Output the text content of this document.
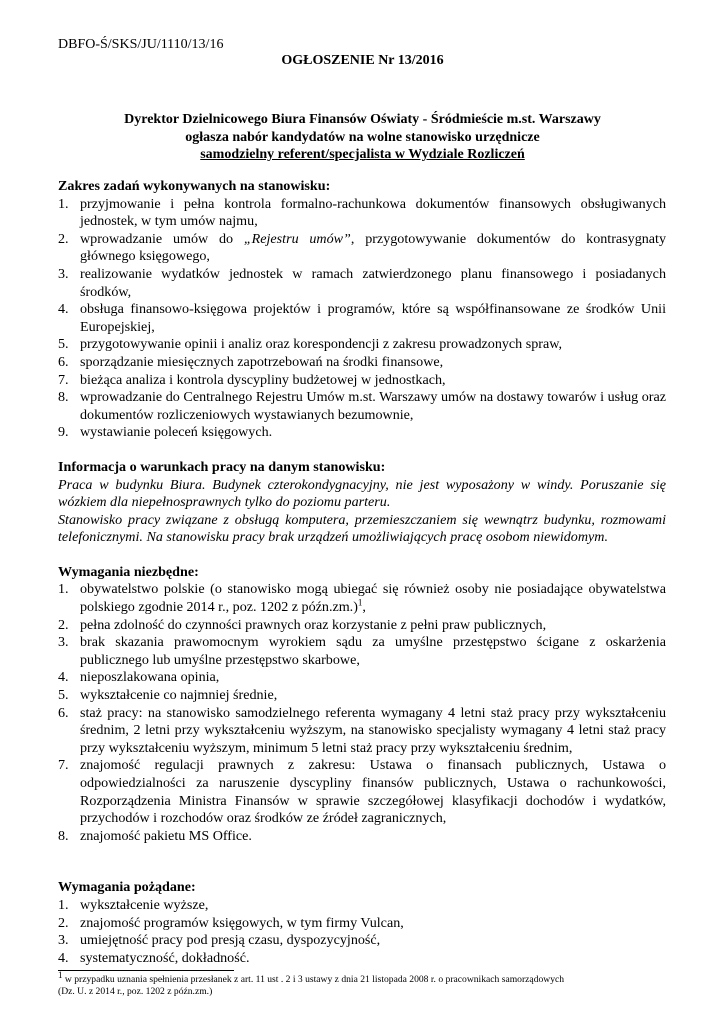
DBFO-Ś/SKS/JU/1110/13/16
OGŁOSZENIE Nr 13/2016
Dyrektor Dzielnicowego Biura Finansów Oświaty - Śródmieście m.st. Warszawy
ogłasza nabór kandydatów na wolne stanowisko urzędnicze
samodzielny referent/specjalista w Wydziale Rozliczeń

Zakres zadań wykonywanych na stanowisku:

1. przyjmowanie i pełna kontrola formalno-rachunkowa dokumentów finansowych obsługiwanych jednostek, w tym umów najmu,
2. wprowadzanie umów do „Rejestru umów”, przygotowywanie dokumentów do kontrasygnaty głównego księgowego,
3. realizowanie wydatków jednostek w ramach zatwierdzonego planu finansowego i posiadanych środków,
4. obsługa finansowo-księgowa projektów i programów, które są współfinansowane ze środków Unii Europejskiej,
5. przygotowywanie opinii i analiz oraz korespondencji z zakresu prowadzonych spraw,
6. sporządzanie miesięcznych zapotrzebowań na środki finansowe,
7. bieżąca analiza i kontrola dyscypliny budżetowej w jednostkach,
8. wprowadzanie do Centralnego Rejestru Umów m.st. Warszawy umów na dostawy towarów i usług oraz dokumentów rozliczeniowych wystawianych bezumownie,
9. wystawianie poleceń księgowych.

Informacja o warunkach pracy na danym stanowisku:

Praca w budynku Biura. Budynek czterokondygnacyjny, nie jest wyposażony w windy. Poruszanie się wózkiem dla niepełnosprawnych tylko do poziomu parteru.

Stanowisko pracy związane z obsługą komputera, przemieszczaniem się wewnątrz budynku, rozmowami telefonicznymi. Na stanowisku pracy brak urządzeń umożliwiających pracę osobom niewidomym.

Wymagania niezbędne:

1. obywatelstwo polskie (o stanowisko mogą ubiegać się również osoby nie posiadające obywatelstwa polskiego zgodnie 2014 r., poz. 1202 z późn.zm.)$^1$,
2. pełna zdolność do czynności prawnych oraz korzystanie z pełni praw publicznych,
3. brak skazania prawomocnym wyrokiem sądu za umyślne przestępstwo ścigane z oskarżenia publicznego lub umyślne przestępstwo skarbowe,
4. nieposzlakowana opinia,
5. wykształcenie co najmniej średnie,
6. staż pracy: na stanowisko samodzielnego referenta wymagany 4 letni staż pracy przy wykształceniu średnim, 2 letni przy wykształceniu wyższym, na stanowisko specjalisty wymagany 4 letni staż pracy przy wykształceniu wyższym, minimum 5 letni staż pracy przy wykształceniu średnim,
7. znajomość regulacji prawnych z zakresu: Ustawa o finansach publicznych, Ustawa o odpowiedzialności za naruszenie dyscypliny finansów publicznych, Ustawa o rachunkowości, Rozporządzenia Ministra Finansów w sprawie szczegółowej klasyfikacji dochodów i wydatków, przychodów i rozchodów oraz środków ze źródeł zagranicznych,
8. znajomość pakietu MS Office.

Wymagania pożądane:

1. wykształcenie wyższe,
2. znajomość programów księgowych, w tym firmy Vulcan,
3. umiejętność pracy pod presją czasu, dyspozycyjność,
4. systematyczność, dokładność.
$^1$ w przypadku uznania spełnienia przesłanek z art. 11 ust . 2 i 3 ustawy z dnia 21 listopada 2008 r. o pracownikach samorządowych
(Dz. U. z 2014 r., poz. 1202 z późn.zm.)
